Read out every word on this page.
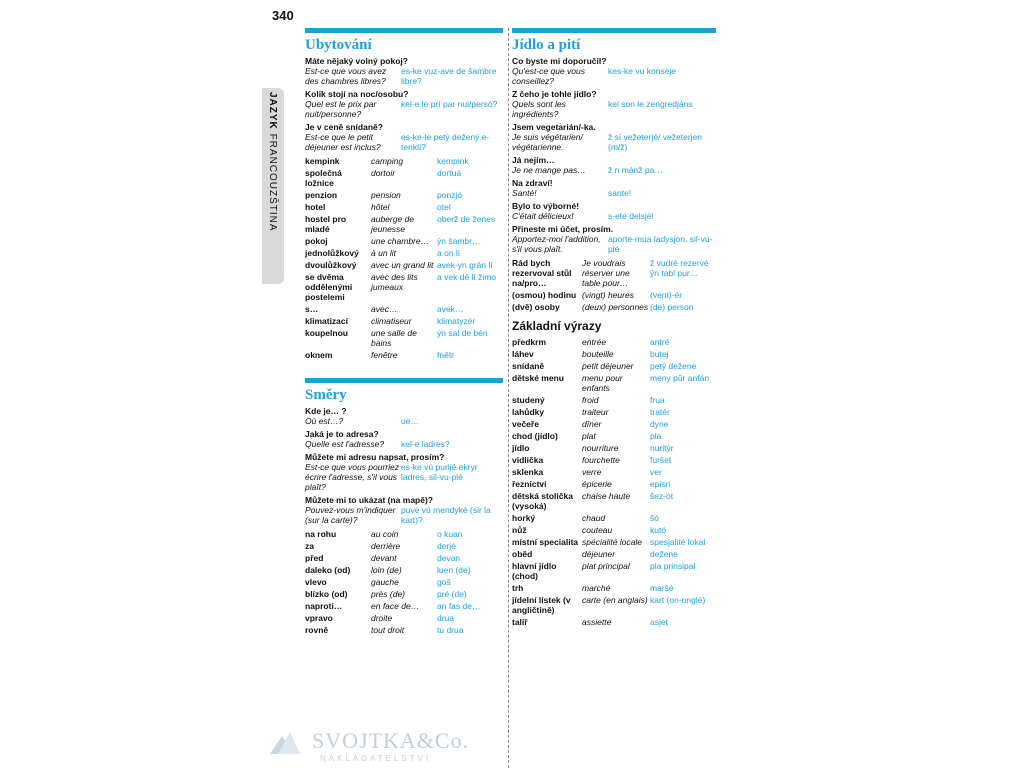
340
JAZYK FRANCOUZŠTINA
Ubytování
Máte nějaký volný pokoj?
Est-ce que vous avez des chambres libres?
es-ke vuz-ave de šambre libre?
Kolik stojí na noc/osobu?
Quel est le prix par nuit/personne?
kel-e le prí par nui/persó?
Je v ceně snídaně?
Est-ce que le petit déjeuner est inclus?
es-ke-le petý dežený e-tenklí?
kempink	camping	kempink
společná ložnice	dortoir	dortuá
penzion	pension	ponzjó
hotel	hôtel	otel
hostel pro mladé	auberge de jeunesse	oberž de ženes
pokoj	une chambre…	ýn šambr…
jednolůžkový	à un lit	a on lí
dvoulůžkový	avec un grand lit	avek-yn grán lí
se dvěma oddělenými postelemi	avec des lits jumeaux	a vek dé lí žimo
s…	avec…	avek…
klimatizací	climatiseur	klimatyzér
koupelnou	une salle de bains	ýn sal de bén
oknem	fenêtre	fnětr
Směry
Kde je… ?
Où est…?	ue…
Jaká je to adresa?
Quelle est l'adresse?	kel-e ladres?
Můžete mi adresu napsat, prosím?
Est-ce que vous pourriez écrire l'adresse, s'il vous plaît?
es-ke vú purijé ekryr ladres, sil-vu-plé
Můžete mi to ukázat (na mapě)?
Pouvez-vous m'indiquer (sur la carte)?
puve vú mendyké (sir la kart)?
na rohu	au coin	o kuan
za	derrière	derjé
před	devant	devan
daleko (od)	loin (de)	luen (de)
vlevo	gauche	goš
blízko (od)	près (de)	pré (de)
naproti…	en face de…	an fas de…
vpravo	droite	drua
rovně	tout droit	tu drua
Jídlo a pití
Co byste mi doporučil?
Qu'est-ce que vous conseillez?
kes-ke vu konseje
Z čeho je tohle jídlo?
Quels sont les ingrédients?
kel son le zengredjáns
Jsem vegetarián/-ka.
Je suis végétarien/ végétarienne.
ž sí vežeterjé/ vežeterjen (m/ž)
Já nejím…
Je ne mange pas…	ž n mánž pa…
Na zdraví!
Santé!	sante!
Bylo to výborné!
C'était délicieux!	s-ete delsjé!
Přineste mi účet, prosím.
Apportez-moi l'addition, s'il vous plaît.
aporte-mua ladysjon, sil-vu-plé
Rád bych rezervoval stůl na/pro…	Je voudrais réserver une table pour…	ž vudré rezervé ýn tabl pur…
(osmou) hodinu	(vingt) heures	(vent)-ér
(dvě) osoby	(deux) personnes	(de) person
Základní výrazy
předkrm	entrée	antré
láhev	bouteille	butej
snídaně	petit déjeuner	petý dežene
dětské menu	menu pour enfants	meny pŭr anfán
studený	froid	frua
lahůdky	traiteur	tratér
večeře	dîner	dyne
chod (jídlo)	plat	pla
jídlo	nourriture	nuritýr
vidlička	fourchette	furšet
sklenka	verre	ver
řeznictví	épicerie	episri
dětská stolička (vysoká)	chaise haute	šez-ót
horký	chaud	šó
nůž	couteau	kutó
místní specialita	spécialité locale	spesjalité lokal
oběd	déjeuner	dežene
hlavní jídlo (chod)	plat principal	pla prinsipal
trh	marché	maršé
jídelní lístek (v angličtině)	carte (en anglais)	kart (on-onglé)
talíř	assiette	asjet
SVOJTKA&Co.
NAKLADATELSTVÍ
